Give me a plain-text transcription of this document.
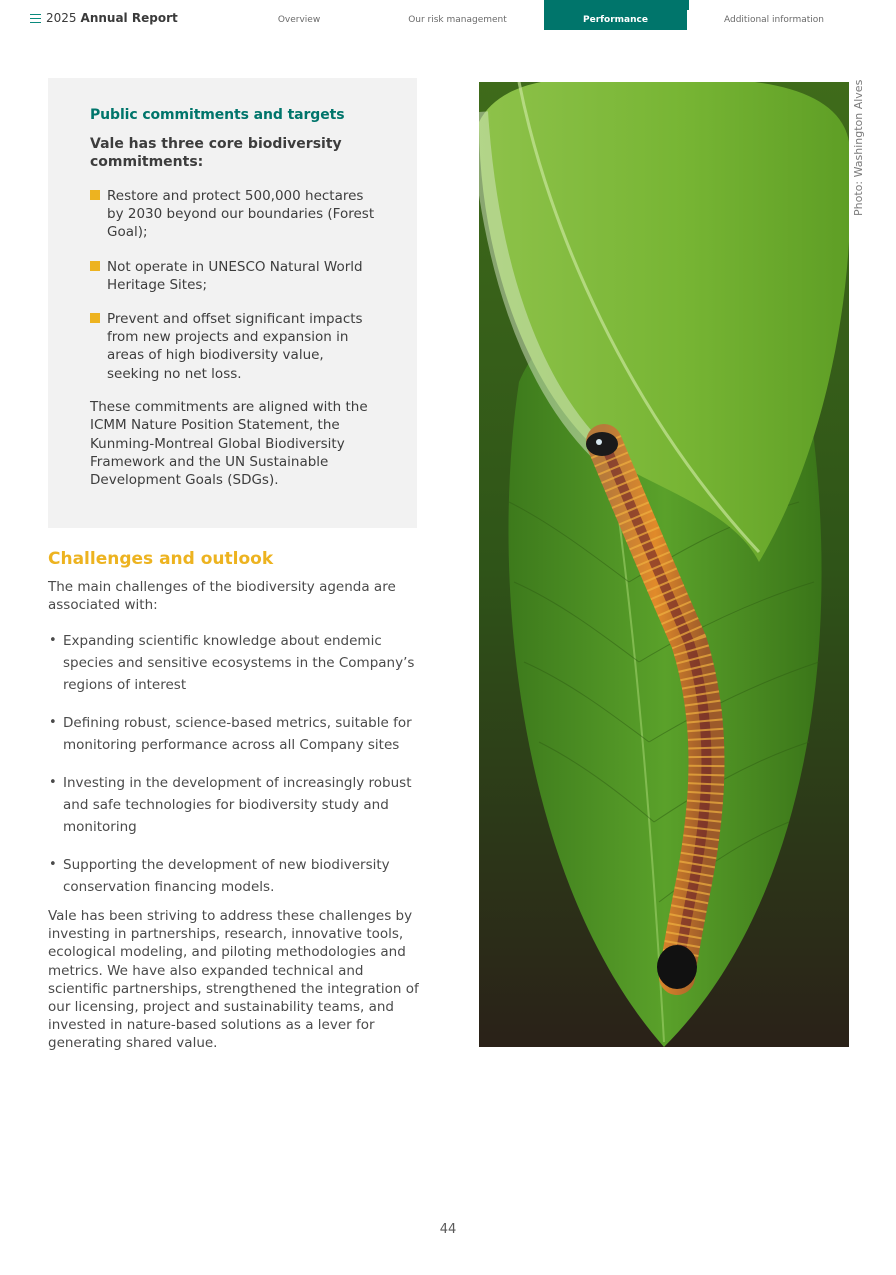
2025 Annual Report	Overview	Our risk management	Performance	Additional information
Public commitments and targets

Vale has three core biodiversity commitments:

Restore and protect 500,000 hectares by 2030 beyond our boundaries (Forest Goal);
Not operate in UNESCO Natural World Heritage Sites;
Prevent and offset significant impacts from new projects and expansion in areas of high biodiversity value, seeking no net loss.

These commitments are aligned with the ICMM Nature Position Statement, the Kunming-Montreal Global Biodiversity Framework and the UN Sustainable Development Goals (SDGs).

Challenges and outlook

The main challenges of the biodiversity agenda are associated with:

• Expanding scientific knowledge about endemic species and sensitive ecosystems in the Company’s regions of interest
• Defining robust, science-based metrics, suitable for monitoring performance across all Company sites
• Investing in the development of increasingly robust and safe technologies for biodiversity study and monitoring
• Supporting the development of new biodiversity conservation financing models.

Vale has been striving to address these challenges by investing in partnerships, research, innovative tools, ecological modeling, and piloting methodologies and metrics. We have also expanded technical and scientific partnerships, strengthened the integration of our licensing, project and sustainability teams, and invested in nature-based solutions as a lever for generating shared value.

Photo: Washington Alves
44
